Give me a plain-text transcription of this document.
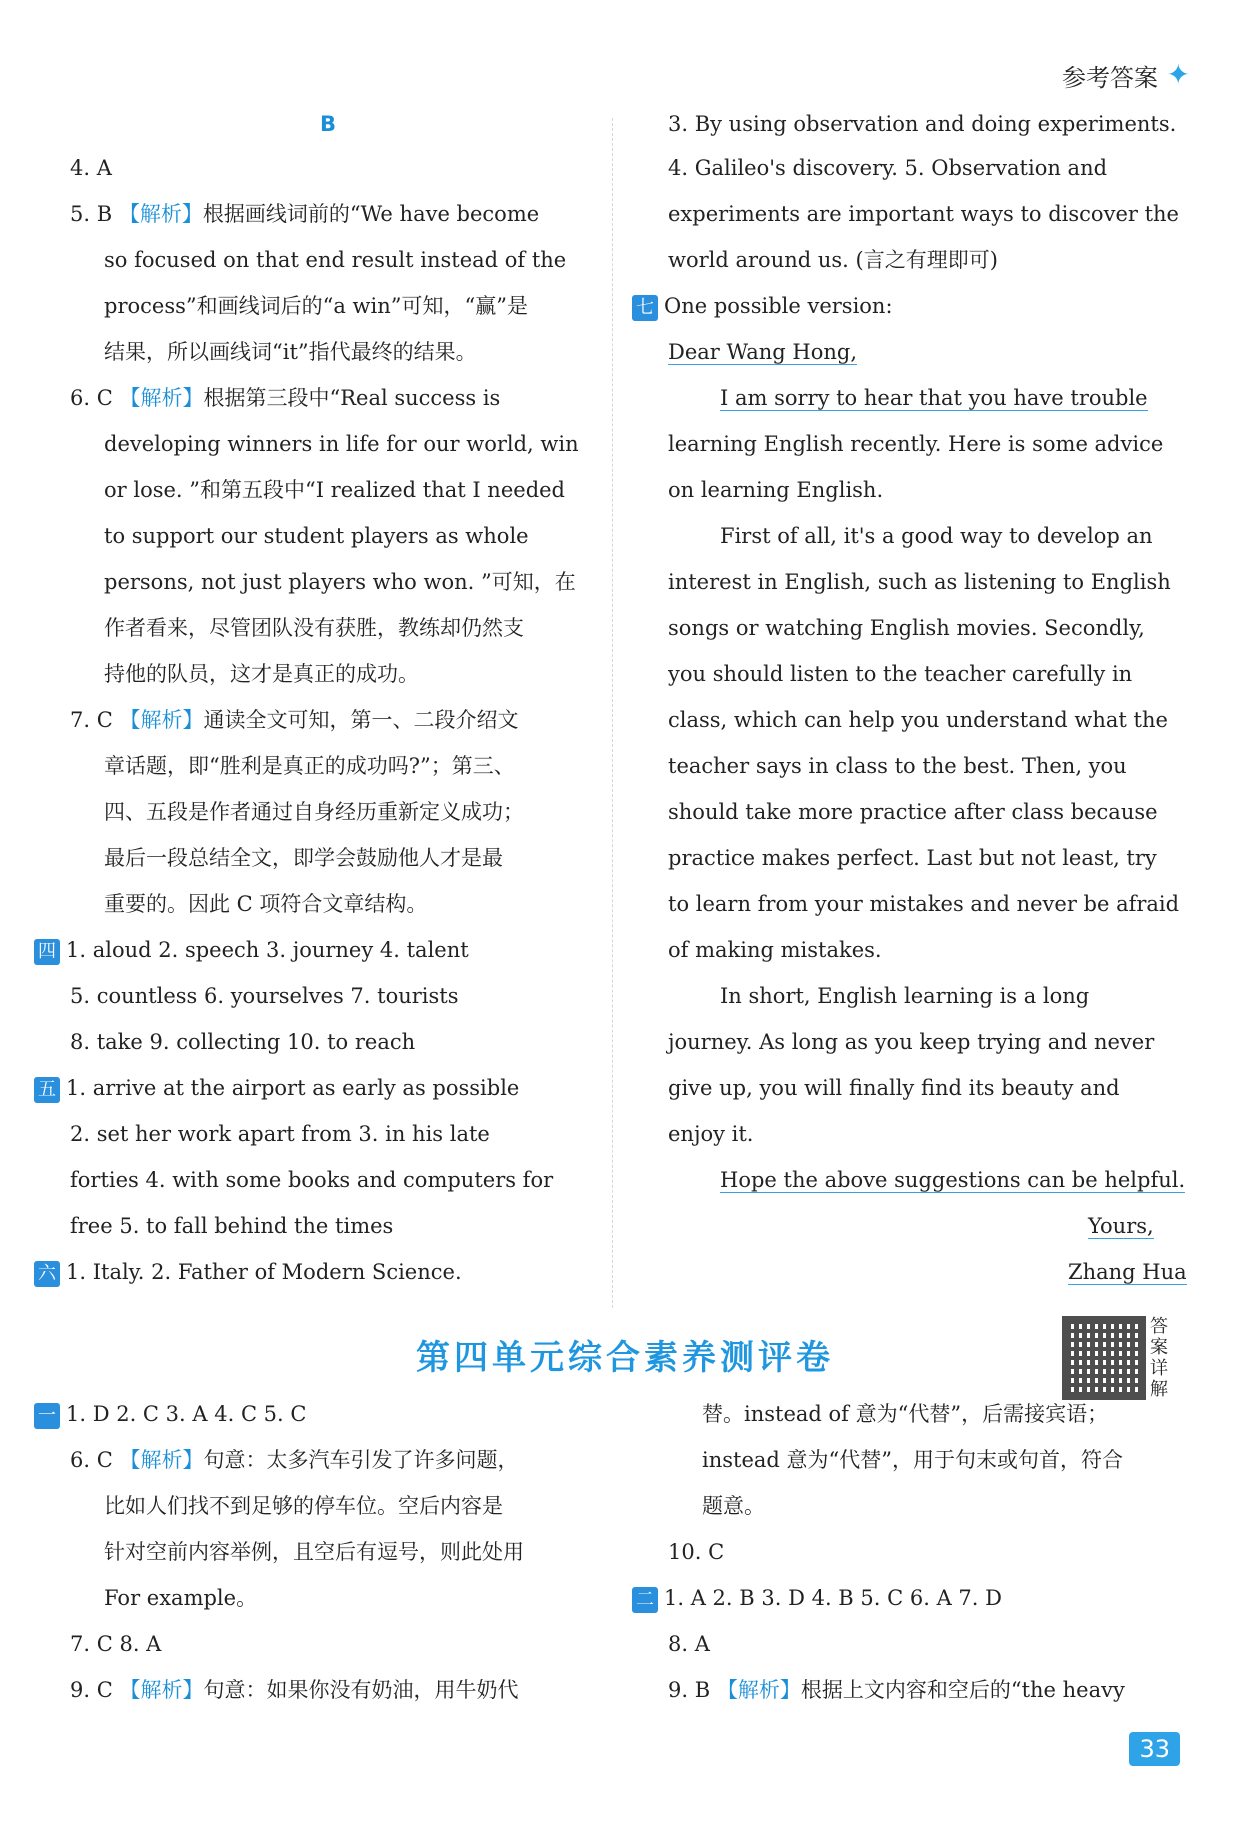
参考答案 ✦
B
4. A
5. B 【解析】根据画线词前的“We have become
so focused on that end result instead of the
process”和画线词后的“a win”可知，“赢”是
结果，所以画线词“it”指代最终的结果。
6. C 【解析】根据第三段中“Real success is
developing winners in life for our world, win
or lose. ”和第五段中“I realized that I needed
to support our student players as whole
persons, not just players who won. ”可知，在
作者看来，尽管团队没有获胜，教练却仍然支
持他的队员，这才是真正的成功。
7. C 【解析】通读全文可知，第一、二段介绍文
章话题，即“胜利是真正的成功吗?”；第三、
四、五段是作者通过自身经历重新定义成功；
最后一段总结全文，即学会鼓励他人才是最
重要的。因此 C 项符合文章结构。
四 1. aloud 2. speech 3. journey 4. talent
5. countless 6. yourselves 7. tourists
8. take 9. collecting 10. to reach
五 1. arrive at the airport as early as possible
2. set her work apart from 3. in his late
forties 4. with some books and computers for
free 5. to fall behind the times
六 1. Italy. 2. Father of Modern Science.
3. By using observation and doing experiments.
4. Galileo's discovery. 5. Observation and
experiments are important ways to discover the
world around us. (言之有理即可)
七 One possible version:
Dear Wang Hong,
I am sorry to hear that you have trouble
learning English recently. Here is some advice
on learning English.
First of all, it's a good way to develop an
interest in English, such as listening to English
songs or watching English movies. Secondly,
you should listen to the teacher carefully in
class, which can help you understand what the
teacher says in class to the best. Then, you
should take more practice after class because
practice makes perfect. Last but not least, try
to learn from your mistakes and never be afraid
of making mistakes.
In short, English learning is a long
journey. As long as you keep trying and never
give up, you will finally find its beauty and
enjoy it.
Hope the above suggestions can be helpful.
Yours,
Zhang Hua
第四单元综合素养测评卷
答案详解
一 1. D 2. C 3. A 4. C 5. C
6. C 【解析】句意：太多汽车引发了许多问题，
比如人们找不到足够的停车位。空后内容是
针对空前内容举例，且空后有逗号，则此处用
For example。
7. C 8. A
9. C 【解析】句意：如果你没有奶油，用牛奶代
替。instead of 意为“代替”，后需接宾语；
instead 意为“代替”，用于句末或句首，符合
题意。
10. C
二 1. A 2. B 3. D 4. B 5. C 6. A 7. D
8. A
9. B 【解析】根据上文内容和空后的“the heavy
33
